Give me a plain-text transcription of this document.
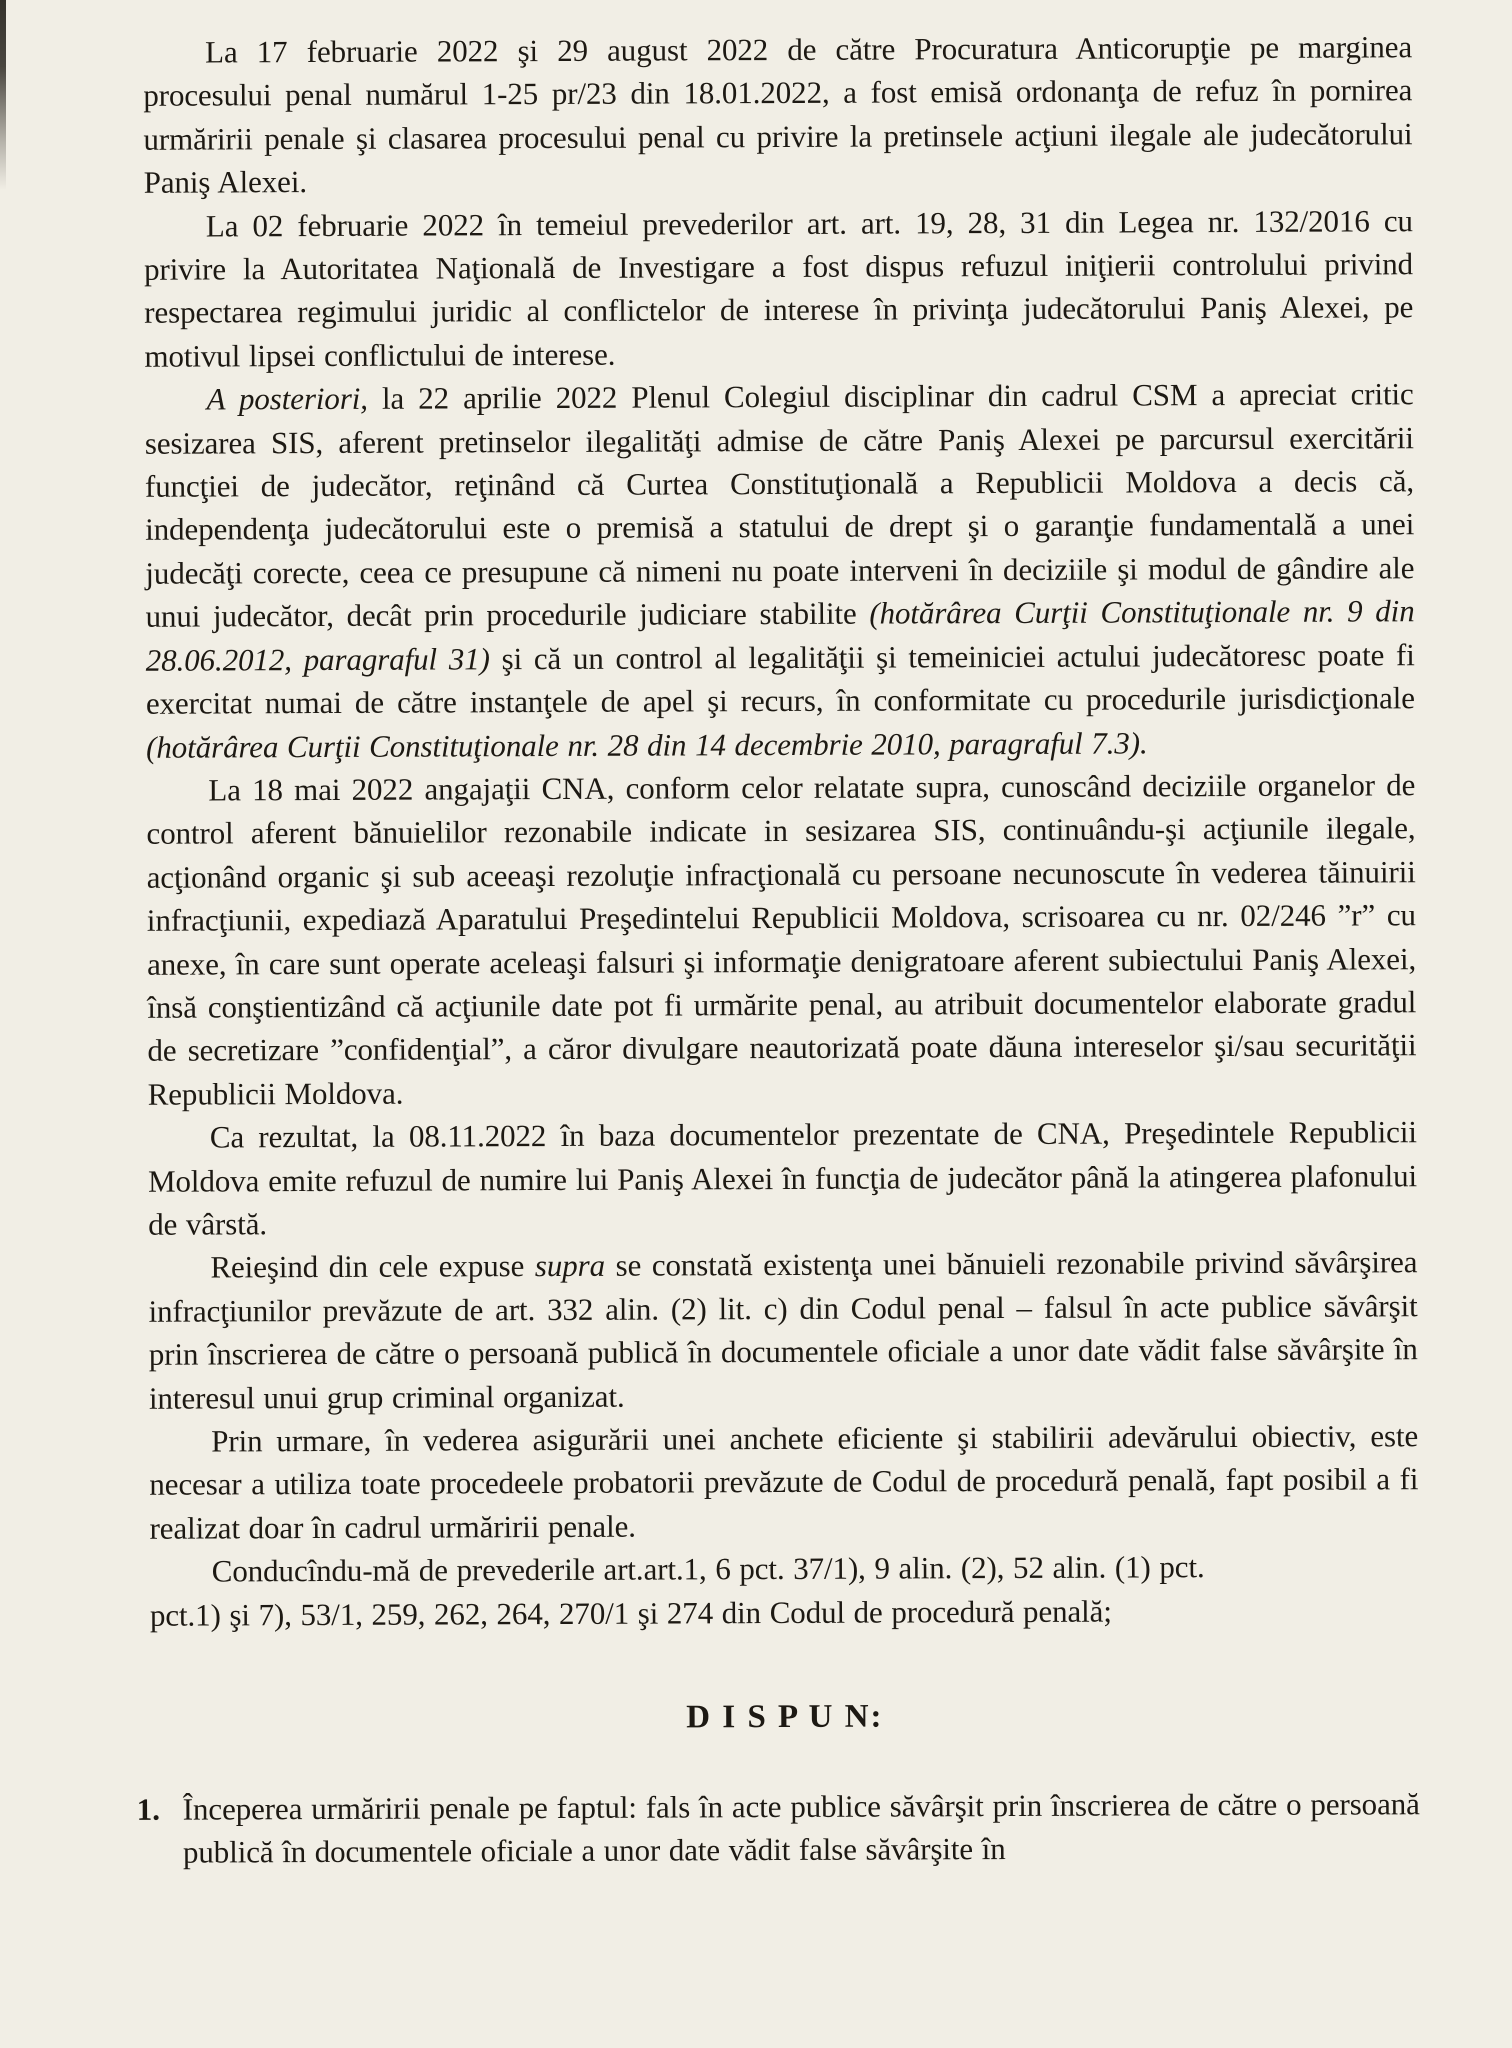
La 17 februarie 2022 şi 29 august 2022 de către Procuratura Anticorupţie pe marginea procesului penal numărul 1-25 pr/23 din 18.01.2022, a fost emisă ordonanţa de refuz în pornirea urmăririi penale şi clasarea procesului penal cu privire la pretinsele acţiuni ilegale ale judecătorului Paniş Alexei.

La 02 februarie 2022 în temeiul prevederilor art. art. 19, 28, 31 din Legea nr. 132/2016 cu privire la Autoritatea Naţională de Investigare a fost dispus refuzul iniţierii controlului privind respectarea regimului juridic al conflictelor de interese în privinţa judecătorului Paniş Alexei, pe motivul lipsei conflictului de interese.

A posteriori, la 22 aprilie 2022 Plenul Colegiul disciplinar din cadrul CSM a apreciat critic sesizarea SIS, aferent pretinselor ilegalităţi admise de către Paniş Alexei pe parcursul exercitării funcţiei de judecător, reţinând că Curtea Constituţională a Republicii Moldova a decis că, independenţa judecătorului este o premisă a statului de drept şi o garanţie fundamentală a unei judecăţi corecte, ceea ce presupune că nimeni nu poate interveni în deciziile şi modul de gândire ale unui judecător, decât prin procedurile judiciare stabilite (hotărârea Curţii Constituţionale nr. 9 din 28.06.2012, paragraful 31) şi că un control al legalităţii şi temeiniciei actului judecătoresc poate fi exercitat numai de către instanţele de apel şi recurs, în conformitate cu procedurile jurisdicţionale (hotărârea Curţii Constituţionale nr. 28 din 14 decembrie 2010, paragraful 7.3).

La 18 mai 2022 angajaţii CNA, conform celor relatate supra, cunoscând deciziile organelor de control aferent bănuielilor rezonabile indicate in sesizarea SIS, continuându-şi acţiunile ilegale, acţionând organic şi sub aceeaşi rezoluţie infracţională cu persoane necunoscute în vederea tăinuirii infracţiunii, expediază Aparatului Preşedintelui Republicii Moldova, scrisoarea cu nr. 02/246 ”r” cu anexe, în care sunt operate aceleaşi falsuri şi informaţie denigratoare aferent subiectului Paniş Alexei, însă conştientizând că acţiunile date pot fi urmărite penal, au atribuit documentelor elaborate gradul de secretizare ”confidenţial”, a căror divulgare neautorizată poate dăuna intereselor şi/sau securităţii Republicii Moldova.

Ca rezultat, la 08.11.2022 în baza documentelor prezentate de CNA, Preşedintele Republicii Moldova emite refuzul de numire lui Paniş Alexei în funcţia de judecător până la atingerea plafonului de vârstă.

Reieşind din cele expuse supra se constată existenţa unei bănuieli rezonabile privind săvârşirea infracţiunilor prevăzute de art. 332 alin. (2) lit. c) din Codul penal – falsul în acte publice săvârşit prin înscrierea de către o persoană publică în documentele oficiale a unor date vădit false săvârşite în interesul unui grup criminal organizat.

Prin urmare, în vederea asigurării unei anchete eficiente şi stabilirii adevărului obiectiv, este necesar a utiliza toate procedeele probatorii prevăzute de Codul de procedură penală, fapt posibil a fi realizat doar în cadrul urmăririi penale.

Conducîndu-mă de prevederile art.art.1, 6 pct. 37/1), 9 alin. (2), 52 alin. (1) pct.
pct.1) şi 7), 53/1, 259, 262, 264, 270/1 şi 274 din Codul de procedură penală;

D I S P U N:
1. Începerea urmăririi penale pe faptul: fals în acte publice săvârşit prin înscrierea de către o persoană publică în documentele oficiale a unor date vădit false săvârşite în
